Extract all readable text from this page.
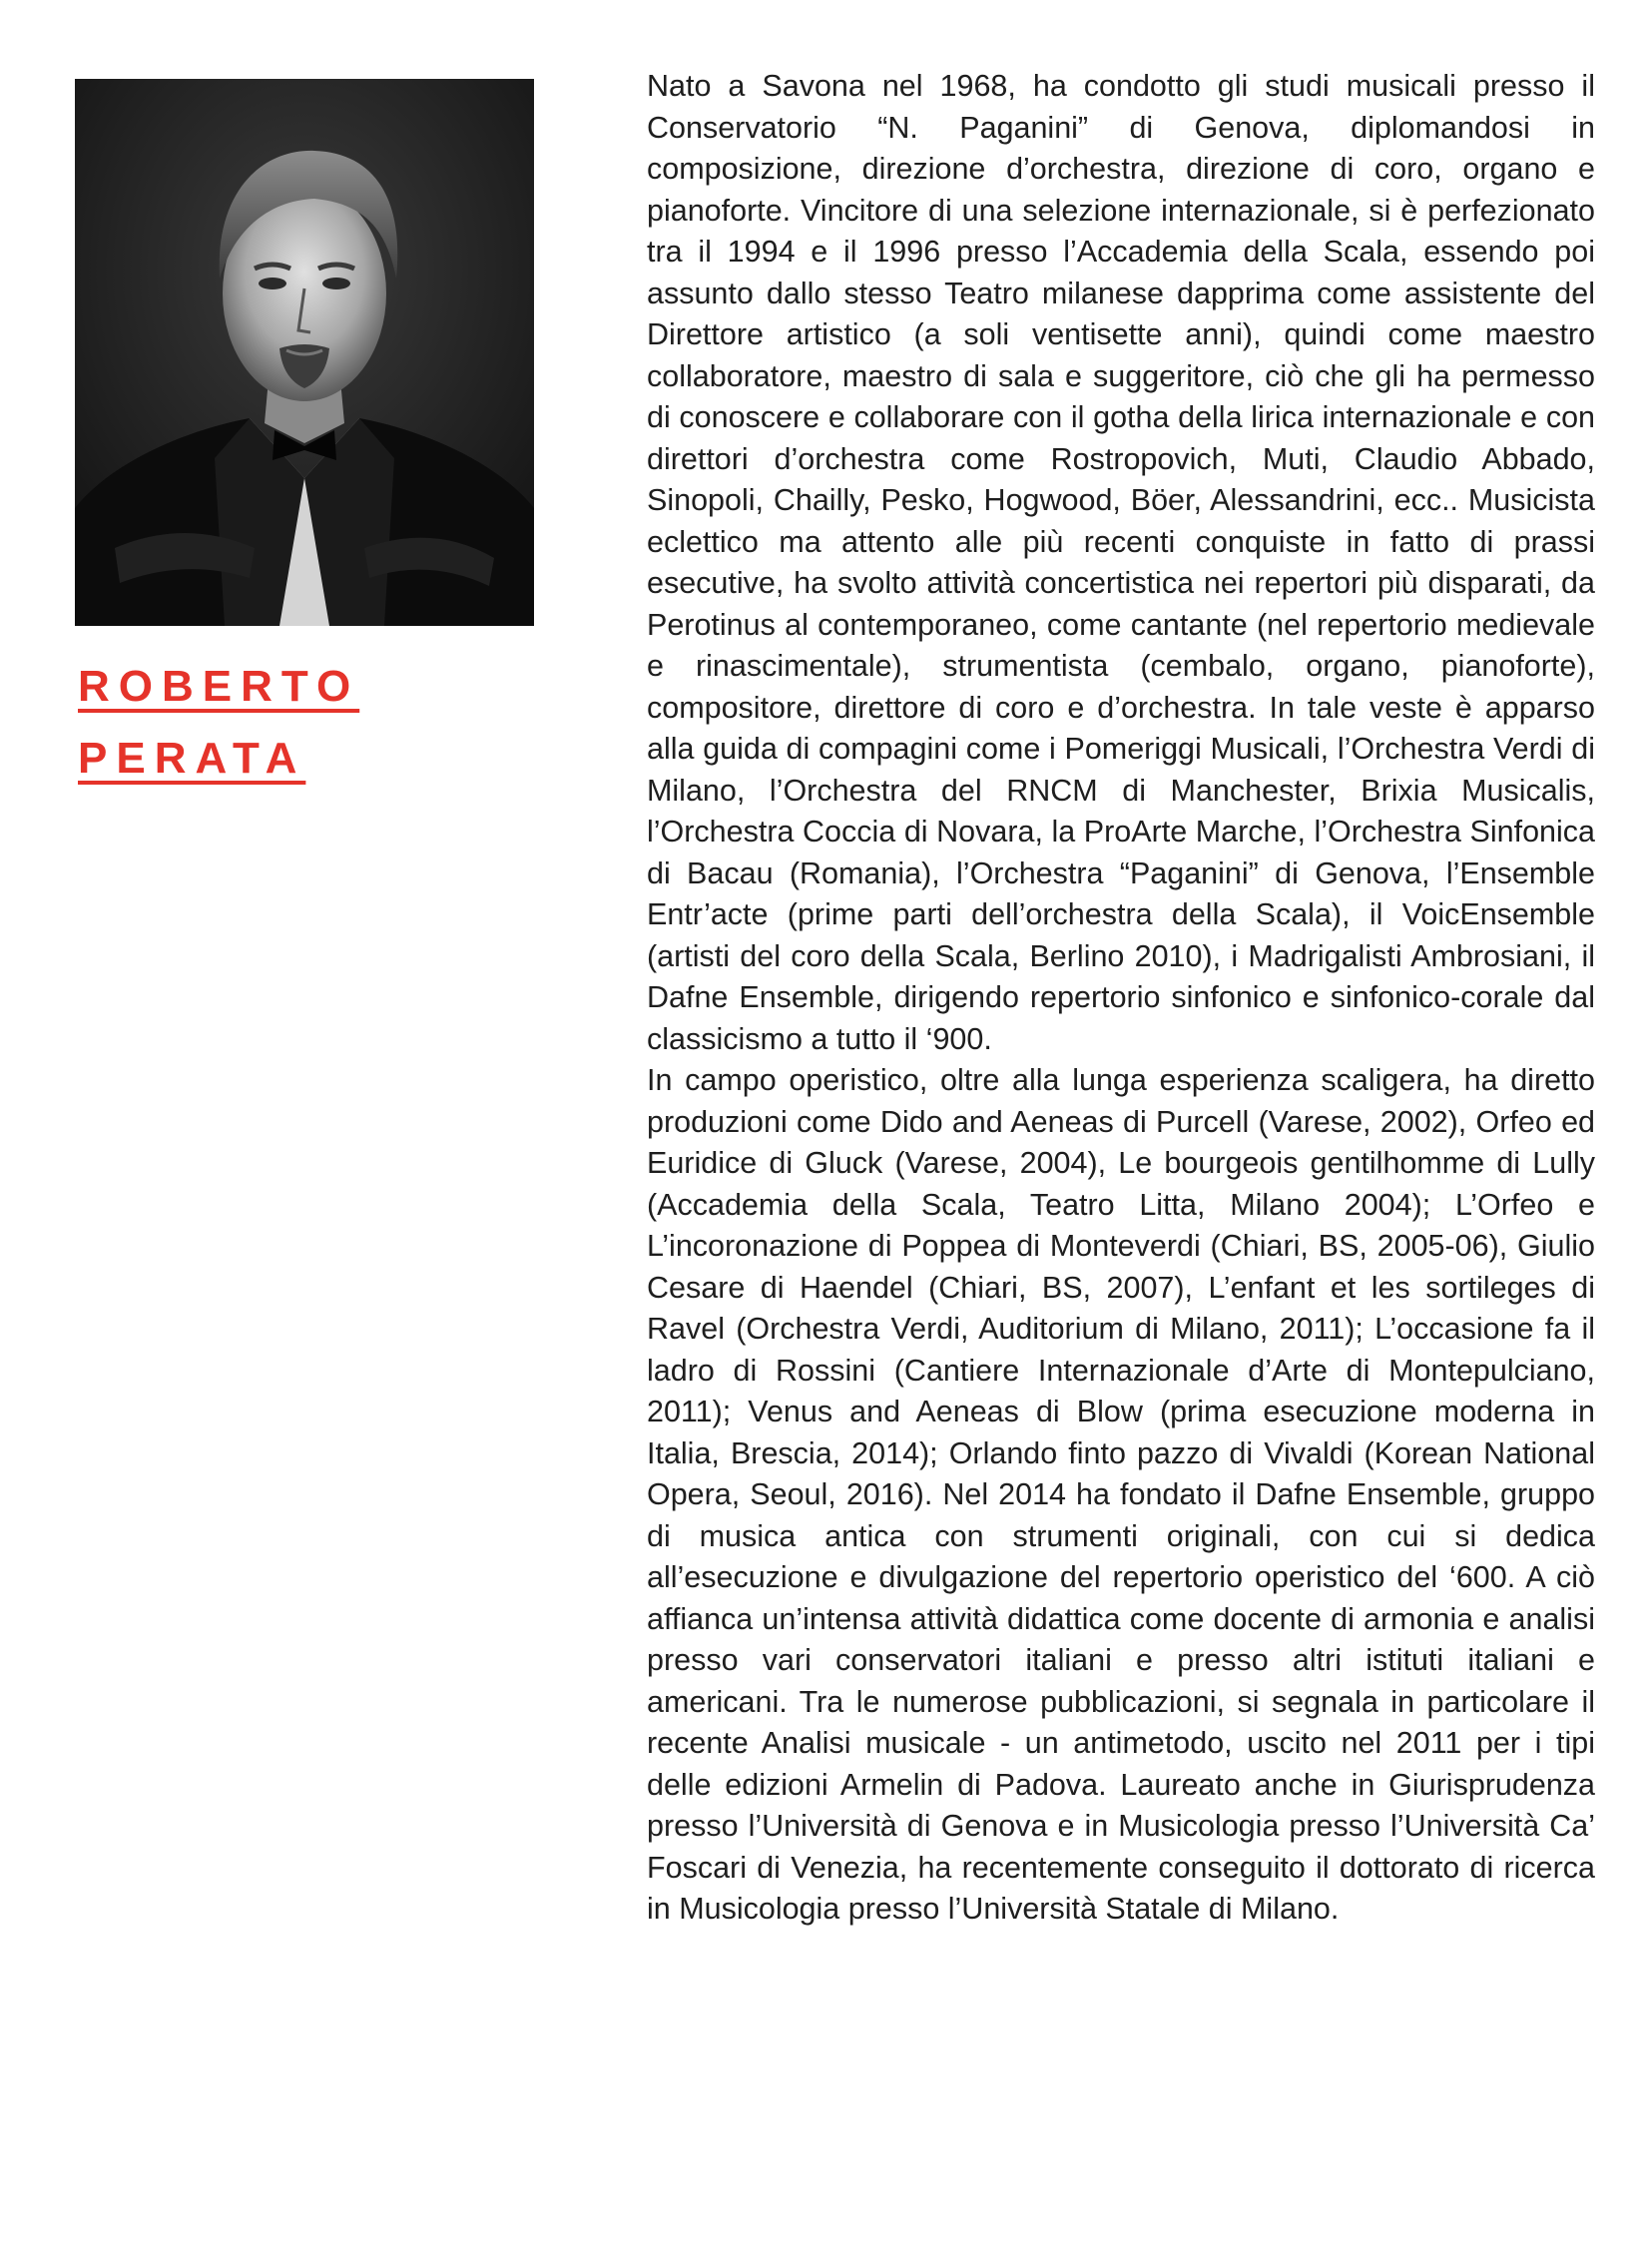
ROBERTO
PERATA

Nato a Savona nel 1968, ha condotto gli studi musicali presso il Conservatorio “N. Paganini” di Genova, diplomandosi in composizione, direzione d’orchestra, direzione di coro, organo e pianoforte. Vincitore di una selezione internazionale, si è perfezionato tra il 1994 e il 1996 presso l’Accademia della Scala, essendo poi assunto dallo stesso Teatro milanese dapprima come assistente del Direttore artistico (a soli ventisette anni), quindi come maestro collaboratore, maestro di sala e suggeritore, ciò che gli ha permesso di conoscere e collaborare con il gotha della lirica internazionale e con direttori d’orchestra come Rostropovich, Muti, Claudio Abbado, Sinopoli, Chailly, Pesko, Hogwood, Böer, Alessandrini, ecc.. Musicista eclettico ma attento alle più recenti conquiste in fatto di prassi esecutive, ha svolto attività concertistica nei repertori più disparati, da Perotinus al contemporaneo, come cantante (nel repertorio medievale e rinascimentale), strumentista (cembalo, organo, pianoforte), compositore, direttore di coro e d’orchestra. In tale veste è apparso alla guida di compagini come i Pomeriggi Musicali, l’Orchestra Verdi di Milano, l’Orchestra del RNCM di Manchester, Brixia Musicalis, l’Orchestra Coccia di Novara, la ProArte Marche, l’Orchestra Sinfonica di Bacau (Romania), l’Orchestra “Paganini” di Genova, l’Ensemble Entr’acte (prime parti dell’orchestra della Scala), il VoicEnsemble (artisti del coro della Scala, Berlino 2010), i Madrigalisti Ambrosiani, il Dafne Ensemble, dirigendo repertorio sinfonico e sinfonico-corale dal classicismo a tutto il ‘900.

In campo operistico, oltre alla lunga esperienza scaligera, ha diretto produzioni come Dido and Aeneas di Purcell (Varese, 2002), Orfeo ed Euridice di Gluck (Varese, 2004), Le bourgeois gentilhomme di Lully (Accademia della Scala, Teatro Litta, Milano 2004); L’Orfeo e L’incoronazione di Poppea di Monteverdi (Chiari, BS, 2005-06), Giulio Cesare di Haendel (Chiari, BS, 2007), L’enfant et les sortileges di Ravel (Orchestra Verdi, Auditorium di Milano, 2011); L’occasione fa il ladro di Rossini (Cantiere Internazionale d’Arte di Montepulciano, 2011); Venus and Aeneas di Blow (prima esecuzione moderna in Italia, Brescia, 2014); Orlando finto pazzo di Vivaldi (Korean National Opera, Seoul, 2016). Nel 2014 ha fondato il Dafne Ensemble, gruppo di musica antica con strumenti originali, con cui si dedica all’esecuzione e divulgazione del repertorio operistico del ‘600. A ciò affianca un’intensa attività didattica come docente di armonia e analisi presso vari conservatori italiani e presso altri istituti italiani e americani. Tra le numerose pubblicazioni, si segnala in particolare il recente Analisi musicale - un antimetodo, uscito nel 2011 per i tipi delle edizioni Armelin di Padova. Laureato anche in Giurisprudenza presso l’Università di Genova e in Musicologia presso l’Università Ca’ Foscari di Venezia, ha recentemente conseguito il dottorato di ricerca in Musicologia presso l’Università Statale di Milano.
